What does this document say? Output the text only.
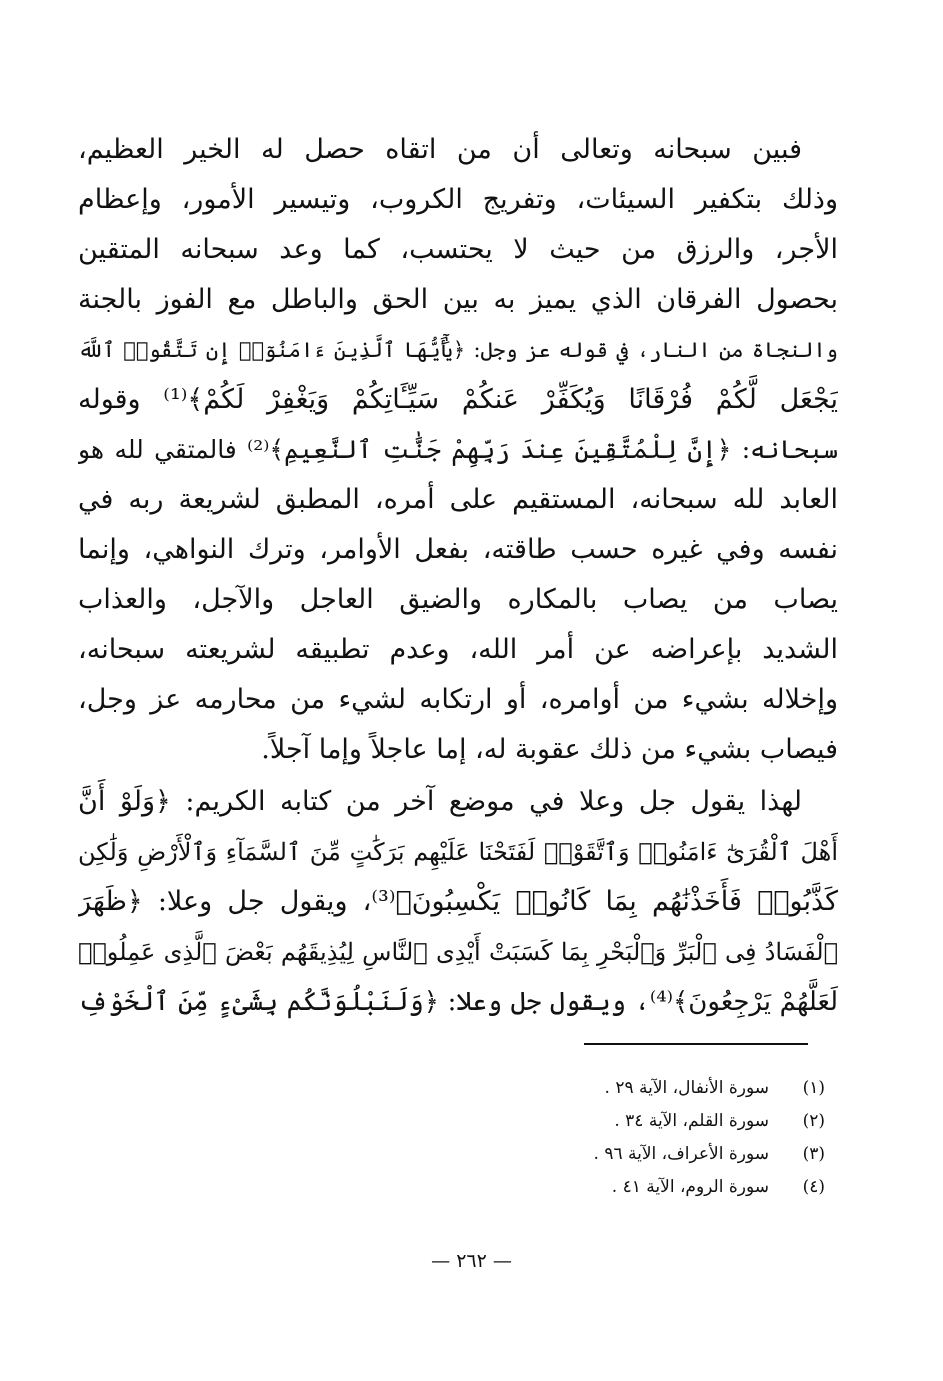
فبين سبحانه وتعالى أن من اتقاه حصل له الخير العظيم،
وذلك بتكفير السيئات، وتفريج الكروب، وتيسير الأمور، وإعظام
الأجر، والرزق من حيث لا يحتسب، كما وعد سبحانه المتقين
بحصول الفرقان الذي يميز به بين الحق والباطل مع الفوز بالجنة
والنجاة من النار، في قوله عز وجل: ﴿يَٰٓأَيُّهَا ٱلَّذِينَ ءَامَنُوٓا۟ إِن تَتَّقُوا۟ ٱللَّهَ
يَجْعَل لَّكُمْ فُرْقَانًا وَيُكَفِّرْ عَنكُمْ سَيِّـَٔاتِكُمْ وَيَغْفِرْ لَكُمْ﴾⁽¹⁾ وقوله
سبحانه: ﴿إِنَّ لِلْمُتَّقِينَ عِندَ رَبِّهِمْ جَنَّٰتِ ٱلنَّعِيمِ﴾⁽²⁾ فالمتقي لله هو
العابد لله سبحانه، المستقيم على أمره، المطبق لشريعة ربه في
نفسه وفي غيره حسب طاقته، بفعل الأوامر، وترك النواهي، وإنما
يصاب من يصاب بالمكاره والضيق العاجل والآجل، والعذاب
الشديد بإعراضه عن أمر الله، وعدم تطبيقه لشريعته سبحانه،
وإخلاله بشيء من أوامره، أو ارتكابه لشيء من محارمه عز وجل،
فيصاب بشيء من ذلك عقوبة له، إما عاجلاً وإما آجلاً.
لهذا يقول جل وعلا في موضع آخر من كتابه الكريم: ﴿وَلَوْ أَنَّ
أَهْلَ ٱلْقُرَىٰٓ ءَامَنُوا۟ وَٱتَّقَوْا۟ لَفَتَحْنَا عَلَيْهِم بَرَكَٰتٍ مِّنَ ٱلسَّمَآءِ وَٱلْأَرْضِ وَلَٰكِن
كَذَّبُوا۟ فَأَخَذْنَٰهُم بِمَا كَانُوا۟ يَكْسِبُونَ﴾⁽³⁾، ويقول جل وعلا: ﴿ظَهَرَ
ٱلْفَسَادُ فِى ٱلْبَرِّ وَٱلْبَحْرِ بِمَا كَسَبَتْ أَيْدِى ٱلنَّاسِ لِيُذِيقَهُم بَعْضَ ٱلَّذِى عَمِلُوا۟
لَعَلَّهُمْ يَرْجِعُونَ﴾⁽⁴⁾، ويقول جل وعلا: ﴿وَلَنَبْلُوَنَّكُم بِشَىْءٍ مِّنَ ٱلْخَوْفِ
(١)
سورة الأنفال، الآية ٢٩ .
(٢)
سورة القلم، الآية ٣٤ .
(٣)
سورة الأعراف، الآية ٩٦ .
(٤)
سورة الروم، الآية ٤١ .
— ٢٦٢ —
